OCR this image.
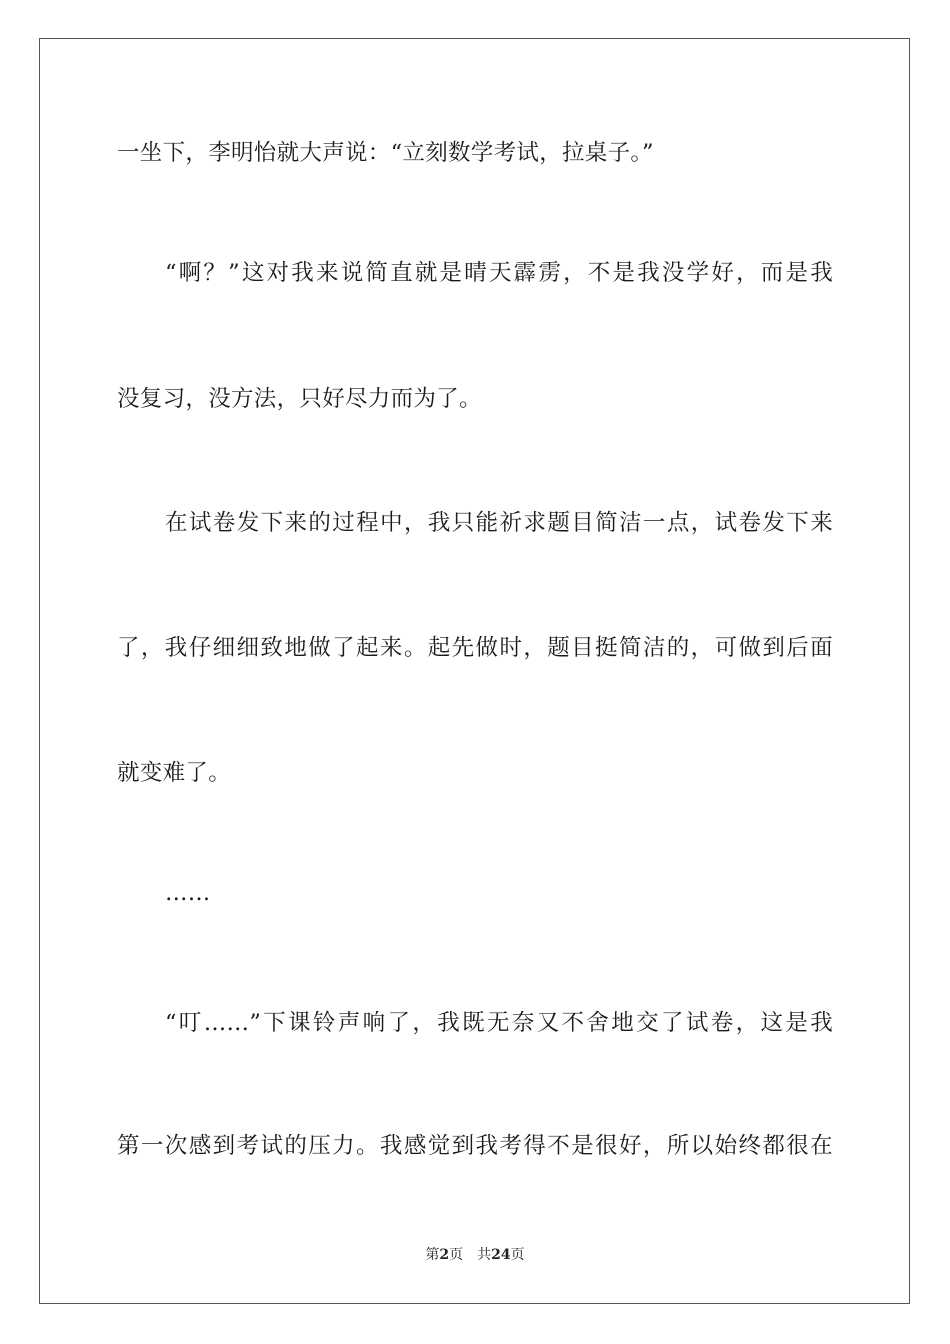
一坐下，李明怡就大声说：“立刻数学考试，拉桌子。”
“啊？”这对我来说简直就是晴天霹雳，不是我没学好，而是我
没复习，没方法，只好尽力而为了。
在试卷发下来的过程中，我只能祈求题目简洁一点，试卷发下来
了，我仔细细致地做了起来。起先做时，题目挺简洁的，可做到后面
就变难了。
……
“叮……”下课铃声响了，我既无奈又不舍地交了试卷，这是我
第一次感到考试的压力。我感觉到我考得不是很好，所以始终都很在
第2页 共24页
